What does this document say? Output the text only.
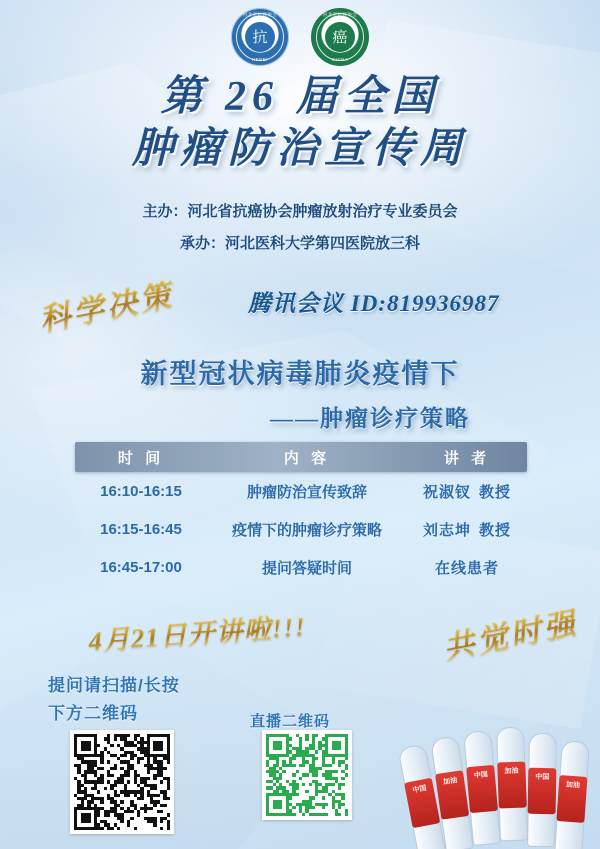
河北省抗癌协会
抗
HEBEI
河北省抗癌协会
癌
CHINA
第 26 届全国
肿瘤防治宣传周
主办：河北省抗癌协会肿瘤放射治疗专业委员会
承办：河北医科大学第四医院放三科
科学决策
共觉时强
4月21日开讲啦!!!
腾讯会议 ID:819936987
新型冠状病毒肺炎疫情下
——肿瘤诊疗策略
时 间	内 容	讲 者
16:10-16:15	肿瘤防治宣传致辞	祝淑钗 教授
16:15-16:45	疫情下的肿瘤诊疗策略	刘志坤 教授
16:45-17:00	提问答疑时间	在线患者
提问请扫描/长按
下方二维码	直播二维码
中国
加油
中国	加油
中国
加油
